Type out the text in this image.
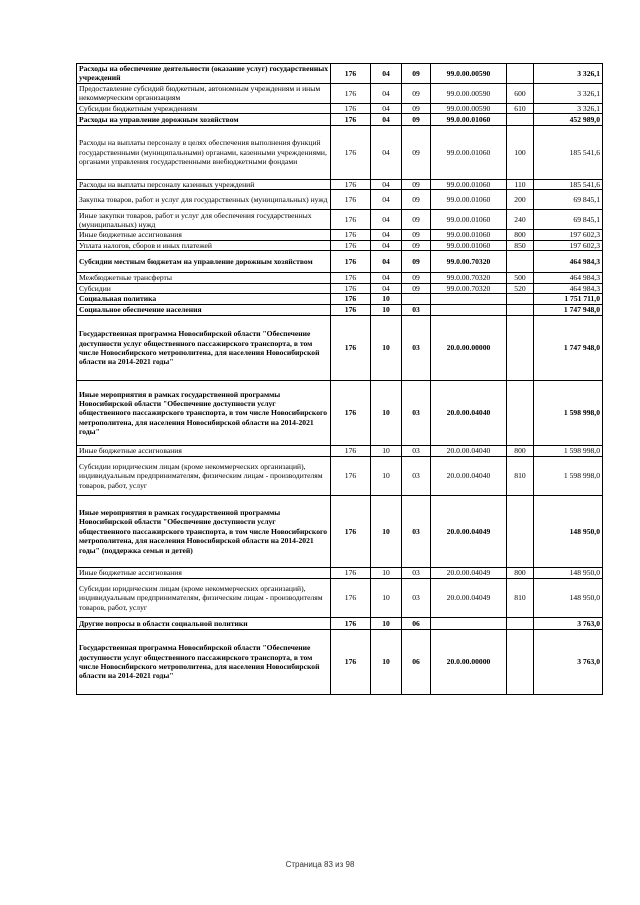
Расходы на обеспечение деятельности (оказание услуг) государственных учреждений	176	04	09	99.0.00.00590		3 326,1
Предоставление субсидий бюджетным, автономным учреждениям и иным некоммерческим организациям	176	04	09	99.0.00.00590	600	3 326,1
Субсидии бюджетным учреждениям	176	04	09	99.0.00.00590	610	3 326,1
Расходы на управление дорожным хозяйством	176	04	09	99.0.00.01060		452 989,0
Расходы на выплаты персоналу в целях обеспечения выполнения функций государственными (муниципальными) органами, казенными учреждениями, органами управления государственными внебюджетными фондами	176	04	09	99.0.00.01060	100	185 541,6
Расходы на выплаты персоналу казенных учреждений	176	04	09	99.0.00.01060	110	185 541,6
Закупка товаров, работ и услуг для государственных (муниципальных) нужд	176	04	09	99.0.00.01060	200	69 845,1
Иные закупки товаров, работ и услуг для обеспечения государственных (муниципальных) нужд	176	04	09	99.0.00.01060	240	69 845,1
Иные бюджетные ассигнования	176	04	09	99.0.00.01060	800	197 602,3
Уплата налогов, сборов и иных платежей	176	04	09	99.0.00.01060	850	197 602,3
Субсидии местным бюджетам на управление дорожным хозяйством	176	04	09	99.0.00.70320		464 984,3
Межбюджетные трансферты	176	04	09	99.0.00.70320	500	464 984,3
Субсидии	176	04	09	99.0.00.70320	520	464 984,3
Социальная политика	176	10				1 751 711,0
Социальное обеспечение населения	176	10	03			1 747 948,0
Государственная программа Новосибирской области "Обеспечение доступности услуг общественного пассажирского транспорта, в том числе Новосибирского метрополитена, для населения Новосибирской области на 2014-2021 годы"	176	10	03	20.0.00.00000		1 747 948,0
Иные мероприятия в рамках государственной программы Новосибирской области "Обеспечение доступности услуг общественного пассажирского транспорта, в том числе Новосибирского метрополитена, для населения Новосибирской области на 2014-2021 годы"	176	10	03	20.0.00.04040		1 598 998,0
Иные бюджетные ассигнования	176	10	03	20.0.00.04040	800	1 598 998,0
Субсидии юридическим лицам (кроме некоммерческих организаций), индивидуальным предпринимателям, физическим лицам - производителям товаров, работ, услуг	176	10	03	20.0.00.04040	810	1 598 998,0
Иные мероприятия в рамках государственной программы Новосибирской области "Обеспечение доступности услуг общественного пассажирского транспорта, в том числе Новосибирского метрополитена, для населения Новосибирской области на 2014-2021 годы" (поддержка семьи и детей)	176	10	03	20.0.00.04049		148 950,0
Иные бюджетные ассигнования	176	10	03	20.0.00.04049	800	148 950,0
Субсидии юридическим лицам (кроме некоммерческих организаций), индивидуальным предпринимателям, физическим лицам - производителям товаров, работ, услуг	176	10	03	20.0.00.04049	810	148 950,0
Другие вопросы в области социальной политики	176	10	06			3 763,0
Государственная программа Новосибирской области "Обеспечение доступности услуг общественного пассажирского транспорта, в том числе Новосибирского метрополитена, для населения Новосибирской области на 2014-2021 годы"	176	10	06	20.0.00.00000		3 763,0
Страница 83 из 98
